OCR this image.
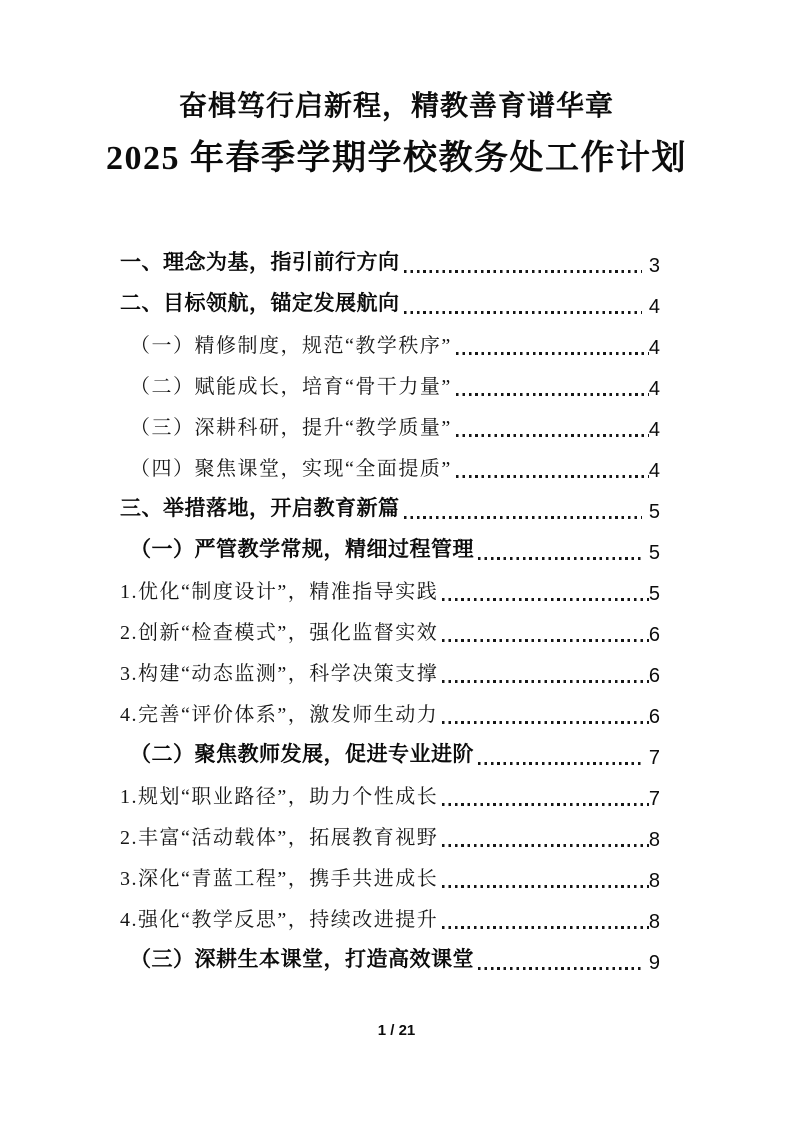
奋楫笃行启新程，精教善育谱华章
2025 年春季学期学校教务处工作计划
一、理念为基，指引前行方向	3
二、目标领航，锚定发展航向	4
（一）精修制度，规范“教学秩序”	4
（二）赋能成长，培育“骨干力量”	4
（三）深耕科研，提升“教学质量”	4
（四）聚焦课堂，实现“全面提质”	4
三、举措落地，开启教育新篇	5
（一）严管教学常规，精细过程管理	5
1.优化“制度设计”，精准指导实践	5
2.创新“检查模式”，强化监督实效	6
3.构建“动态监测”，科学决策支撑	6
4.完善“评价体系”，激发师生动力	6
（二）聚焦教师发展，促进专业进阶	7
1.规划“职业路径”，助力个性成长	7
2.丰富“活动载体”，拓展教育视野	8
3.深化“青蓝工程”，携手共进成长	8
4.强化“教学反思”，持续改进提升	8
（三）深耕生本课堂，打造高效课堂	9
1 / 21
